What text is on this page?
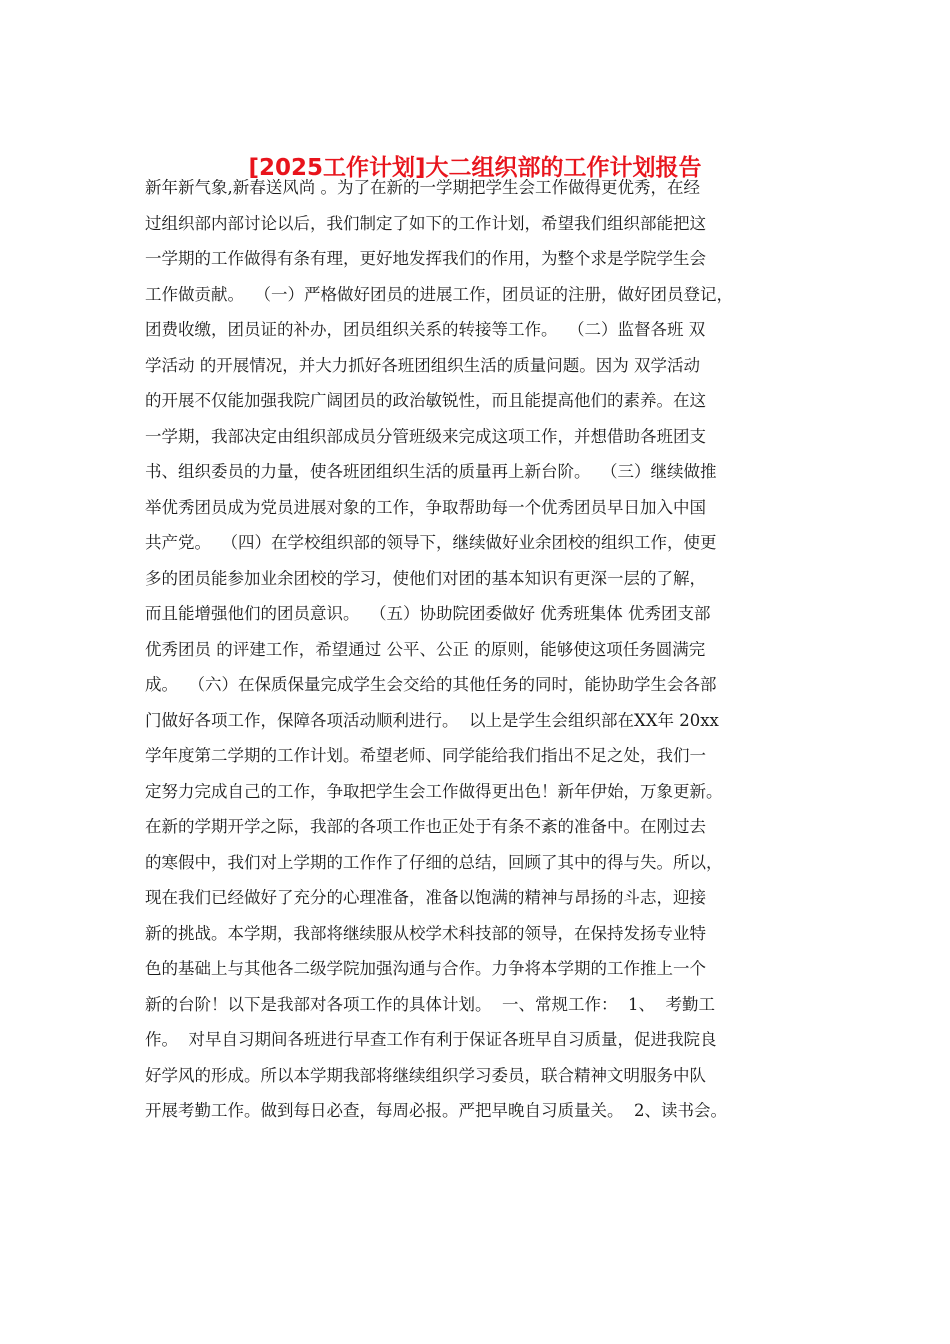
[2025工作计划]大二组织部的工作计划报告
新年新气象,新春送风尚 。为了在新的一学期把学生会工作做得更优秀，在经
过组织部内部讨论以后，我们制定了如下的工作计划，希望我们组织部能把这
一学期的工作做得有条有理，更好地发挥我们的作用，为整个求是学院学生会
工作做贡献。  （一）严格做好团员的进展工作，团员证的注册，做好团员登记，
团费收缴，团员证的补办，团员组织关系的转接等工作。  （二）监督各班 双
学活动 的开展情况，并大力抓好各班团组织生活的质量问题。因为 双学活动
的开展不仅能加强我院广阔团员的政治敏锐性，而且能提高他们的素养。在这
一学期，我部决定由组织部成员分管班级来完成这项工作，并想借助各班团支
书、组织委员的力量，使各班团组织生活的质量再上新台阶。  （三）继续做推
举优秀团员成为党员进展对象的工作，争取帮助每一个优秀团员早日加入中国
共产党。  （四）在学校组织部的领导下，继续做好业余团校的组织工作，使更
多的团员能参加业余团校的学习，使他们对团的基本知识有更深一层的了解，
而且能增强他们的团员意识。  （五）协助院团委做好 优秀班集体 优秀团支部
优秀团员 的评建工作，希望通过 公平、公正 的原则，能够使这项任务圆满完
成。  （六）在保质保量完成学生会交给的其他任务的同时，能协助学生会各部
门做好各项工作，保障各项活动顺利进行。  以上是学生会组织部在XX年 20xx
学年度第二学期的工作计划。希望老师、同学能给我们指出不足之处，我们一
定努力完成自己的工作，争取把学生会工作做得更出色！新年伊始，万象更新。
在新的学期开学之际，我部的各项工作也正处于有条不紊的准备中。在刚过去
的寒假中，我们对上学期的工作作了仔细的总结，回顾了其中的得与失。所以，
现在我们已经做好了充分的心理准备，准备以饱满的精神与昂扬的斗志，迎接
新的挑战。本学期，我部将继续服从校学术科技部的领导，在保持发扬专业特
色的基础上与其他各二级学院加强沟通与合作。力争将本学期的工作推上一个
新的台阶！以下是我部对各项工作的具体计划。  一、常规工作：  1、  考勤工
作。  对早自习期间各班进行早查工作有利于保证各班早自习质量，促进我院良
好学风的形成。所以本学期我部将继续组织学习委员，联合精神文明服务中队
开展考勤工作。做到每日必查，每周必报。严把早晚自习质量关。  2、读书会。
